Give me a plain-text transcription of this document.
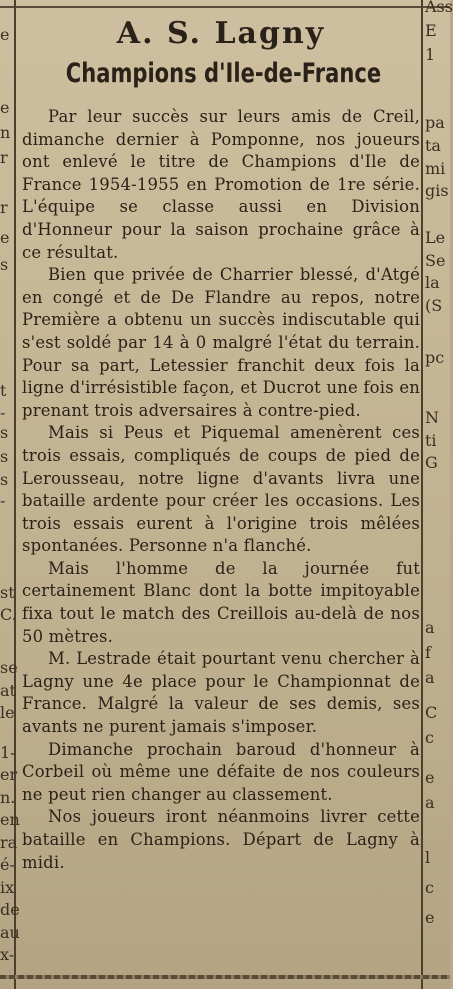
e
e
n
r
r
e
s
t
-
s
s
s
-
st
C.
se
at
le
1-
er
n.
en
ra
é-
ix
de
au
x-
Ass
E
1
pa
ta
mi
gis
Le
Se
la
(S
pc
N
ti
G
a
f
a
C
c
e
a
l
c
e
A. S. Lagny
Champions d'Ile-de-France

Par leur succès sur leurs amis de Creil, dimanche dernier à Pomponne, nos joueurs ont enlevé le titre de Champions d'Ile de France 1954-1955 en Promotion de 1re série. L'équipe se classe aussi en Division d'Honneur pour la saison prochaine grâce à ce résultat.

Bien que privée de Charrier blessé, d'Atgé en congé et de De Flandre au repos, notre Première a obtenu un succès indiscutable qui s'est soldé par 14 à 0 malgré l'état du terrain. Pour sa part, Letessier franchit deux fois la ligne d'irrésistible façon, et Ducrot une fois en prenant trois adversaires à contre-pied.

Mais si Peus et Piquemal amenèrent ces trois essais, compliqués de coups de pied de Lerousseau, notre ligne d'avants livra une bataille ardente pour créer les occasions. Les trois essais eurent à l'origine trois mêlées spontanées. Personne n'a flanché.

Mais l'homme de la journée fut certainement Blanc dont la botte impitoyable fixa tout le match des Creillois au-delà de nos 50 mètres.

M. Lestrade était pourtant venu chercher à Lagny une 4e place pour le Championnat de France. Malgré la valeur de ses demis, ses avants ne purent jamais s'imposer.

Dimanche prochain baroud d'honneur à Corbeil où même une défaite de nos couleurs ne peut rien changer au classement.

Nos joueurs iront néanmoins livrer cette bataille en Champions. Départ de Lagny à midi.
